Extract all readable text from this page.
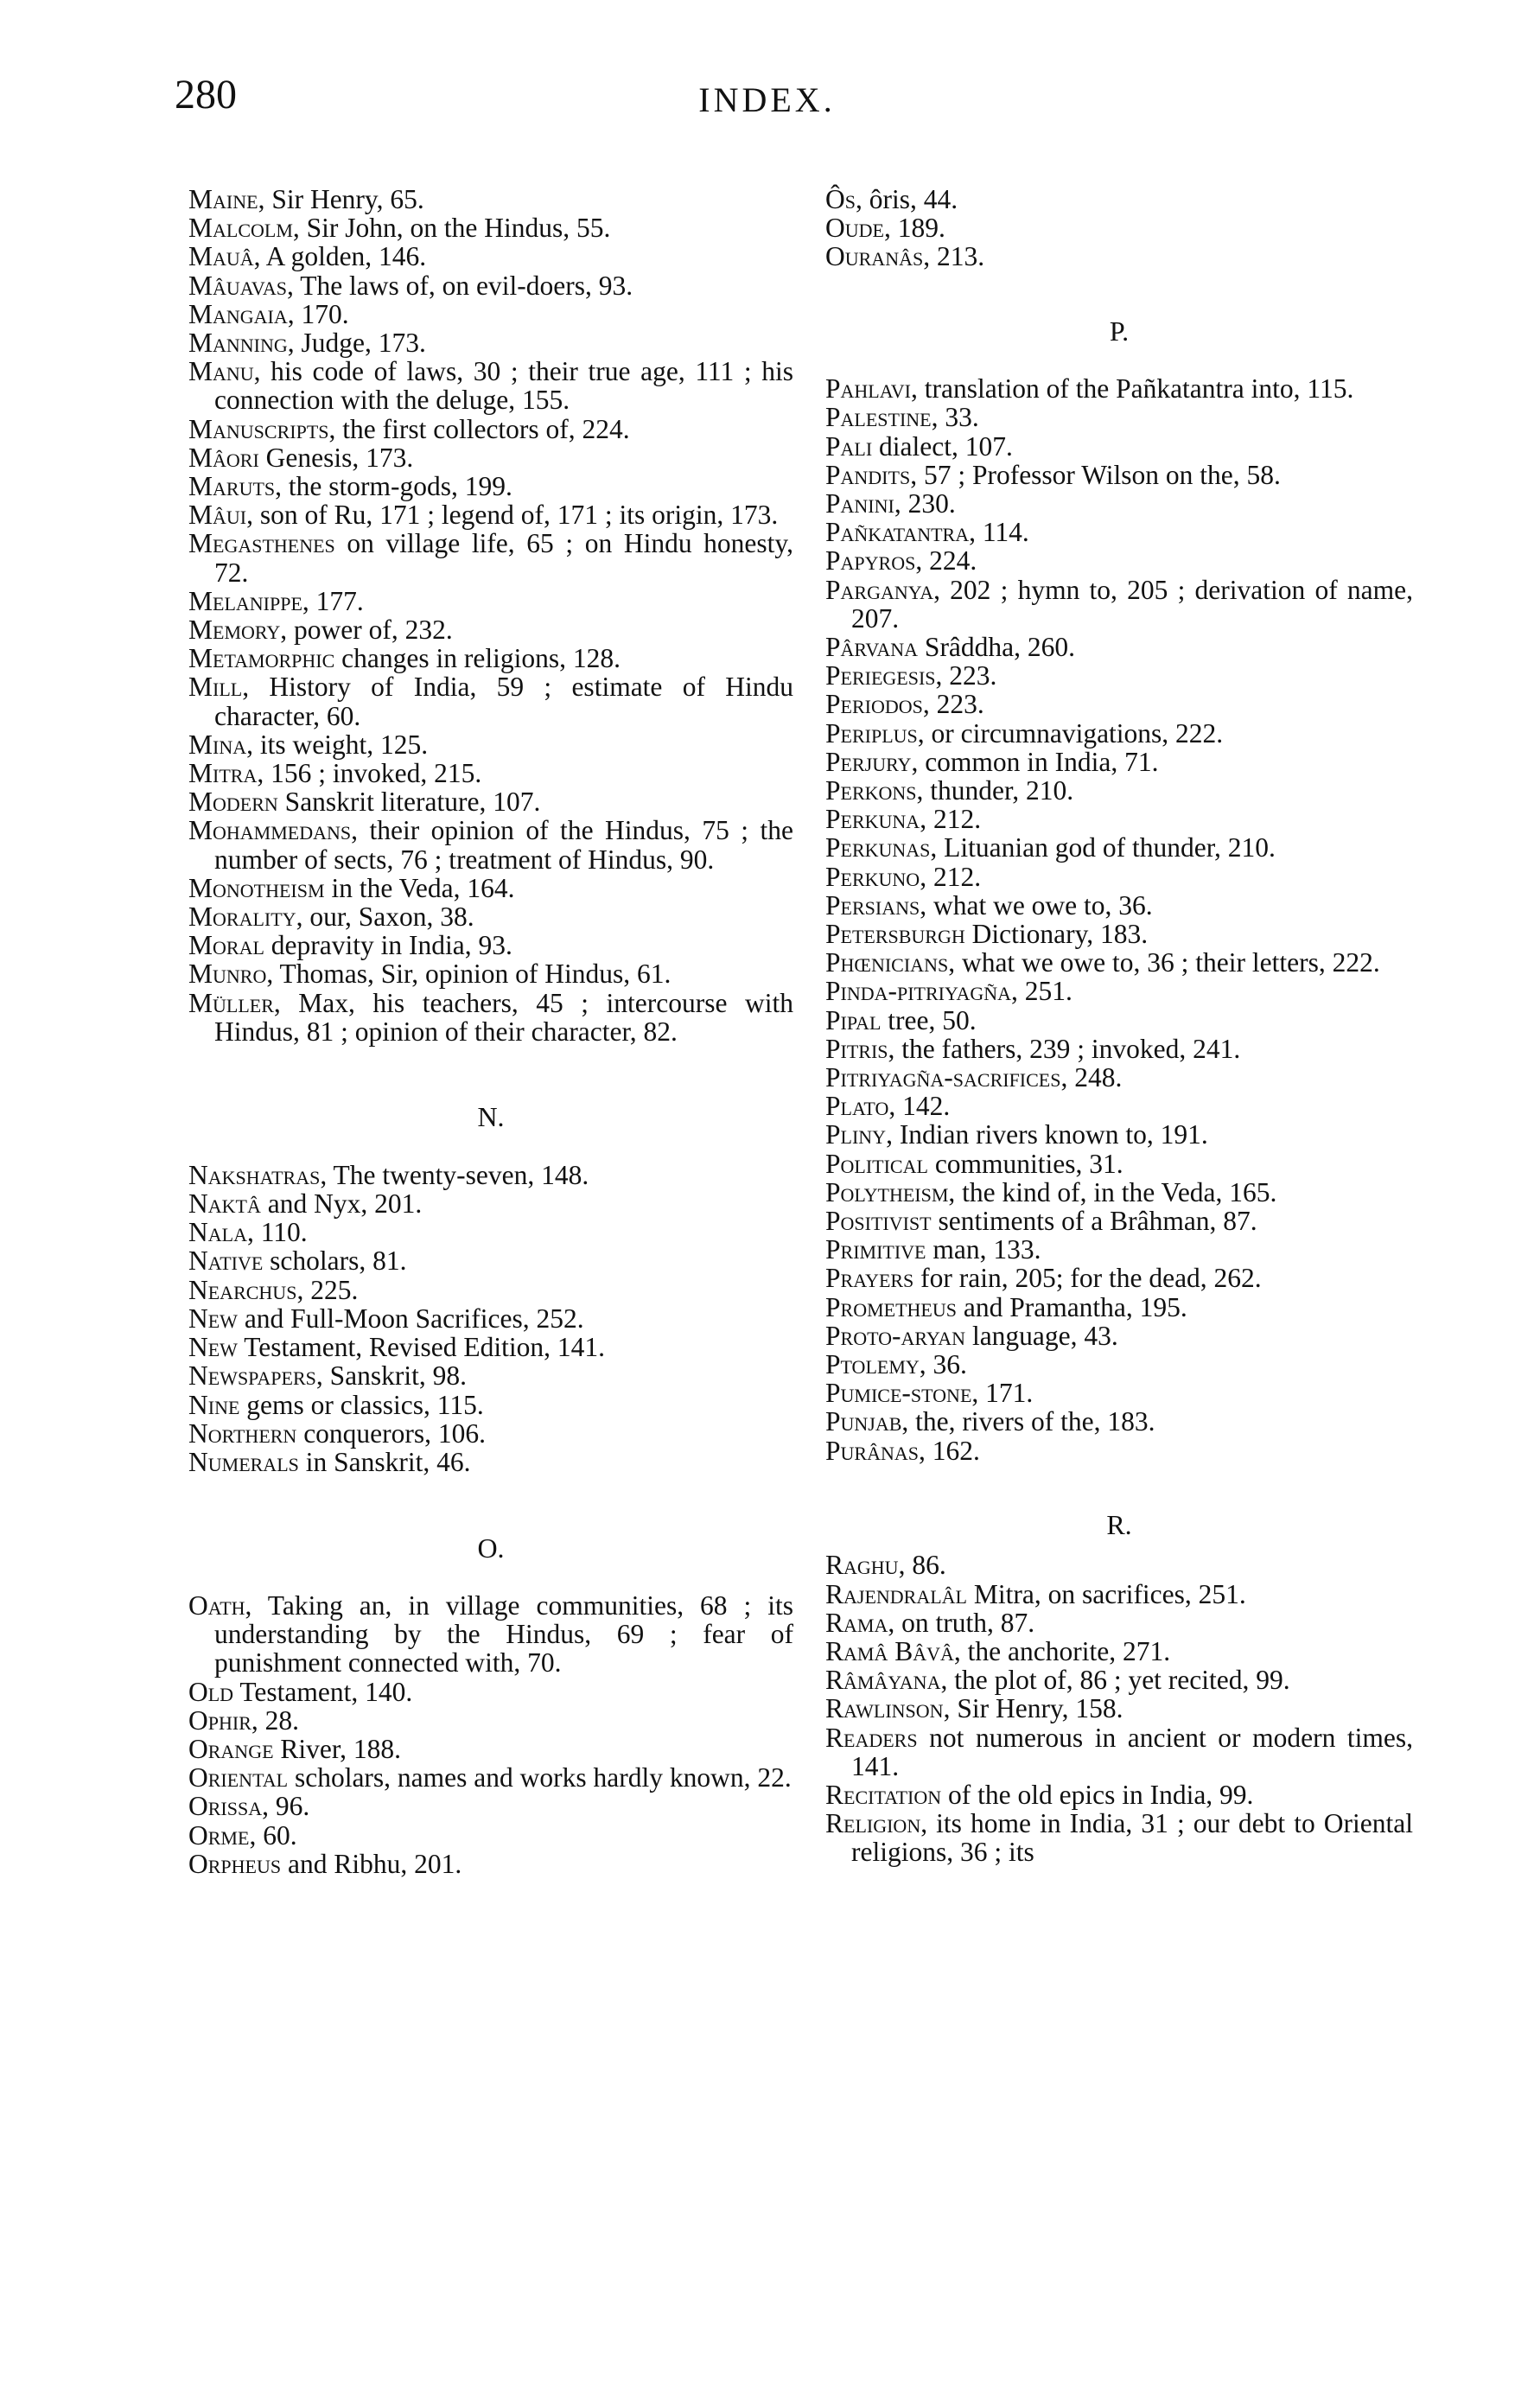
280	INDEX.
Maine, Sir Henry, 65.
Malcolm, Sir John, on the Hindus, 55.
Mauâ, A golden, 146.
Mâuavas, The laws of, on evil-doers, 93.
Mangaia, 170.
Manning, Judge, 173.
Manu, his code of laws, 30 ; their true age, 111 ; his connection with the deluge, 155.
Manuscripts, the first collectors of, 224.
Mâori Genesis, 173.
Maruts, the storm-gods, 199.
Mâui, son of Ru, 171 ; legend of, 171 ; its origin, 173.
Megasthenes on village life, 65 ; on Hindu honesty, 72.
Melanippe, 177.
Memory, power of, 232.
Metamorphic changes in religions, 128.
Mill, History of India, 59 ; estimate of Hindu character, 60.
Mina, its weight, 125.
Mitra, 156 ; invoked, 215.
Modern Sanskrit literature, 107.
Mohammedans, their opinion of the Hindus, 75 ; the number of sects, 76 ; treatment of Hindus, 90.
Monotheism in the Veda, 164.
Morality, our, Saxon, 38.
Moral depravity in India, 93.
Munro, Thomas, Sir, opinion of Hindus, 61.
Müller, Max, his teachers, 45 ; intercourse with Hindus, 81 ; opinion of their character, 82.
N.
Nakshatras, The twenty-seven, 148.
Naktâ and Nyx, 201.
Nala, 110.
Native scholars, 81.
Nearchus, 225.
New and Full-Moon Sacrifices, 252.
New Testament, Revised Edition, 141.
Newspapers, Sanskrit, 98.
Nine gems or classics, 115.
Northern conquerors, 106.
Numerals in Sanskrit, 46.
O.
Oath, Taking an, in village communities, 68 ; its understanding by the Hindus, 69 ; fear of punishment connected with, 70.
Old Testament, 140.
Ophir, 28.
Orange River, 188.
Oriental scholars, names and works hardly known, 22.
Orissa, 96.
Orme, 60.
Orpheus and Ribhu, 201.
Ôs, ôris, 44.
Oude, 189.
Ouranâs, 213.
P.
Pahlavi, translation of the Pañkatantra into, 115.
Palestine, 33.
Pali dialect, 107.
Pandits, 57 ; Professor Wilson on the, 58.
Panini, 230.
Pañkatantra, 114.
Papyros, 224.
Parganya, 202 ; hymn to, 205 ; derivation of name, 207.
Pârvana Srâddha, 260.
Periegesis, 223.
Periodos, 223.
Periplus, or circumnavigations, 222.
Perjury, common in India, 71.
Perkons, thunder, 210.
Perkuna, 212.
Perkunas, Lituanian god of thunder, 210.
Perkuno, 212.
Persians, what we owe to, 36.
Petersburgh Dictionary, 183.
Phœnicians, what we owe to, 36 ; their letters, 222.
Pinda-pitriyagña, 251.
Pipal tree, 50.
Pitris, the fathers, 239 ; invoked, 241.
Pitriyagña-sacrifices, 248.
Plato, 142.
Pliny, Indian rivers known to, 191.
Political communities, 31.
Polytheism, the kind of, in the Veda, 165.
Positivist sentiments of a Brâhman, 87.
Primitive man, 133.
Prayers for rain, 205; for the dead, 262.
Prometheus and Pramantha, 195.
Proto-aryan language, 43.
Ptolemy, 36.
Pumice-stone, 171.
Punjab, the, rivers of the, 183.
Purânas, 162.
R.
Raghu, 86.
Rajendralâl Mitra, on sacrifices, 251.
Rama, on truth, 87.
Ramâ Bâvâ, the anchorite, 271.
Râmâyana, the plot of, 86 ; yet recited, 99.
Rawlinson, Sir Henry, 158.
Readers not numerous in ancient or modern times, 141.
Recitation of the old epics in India, 99.
Religion, its home in India, 31 ; our debt to Oriental religions, 36 ; its
